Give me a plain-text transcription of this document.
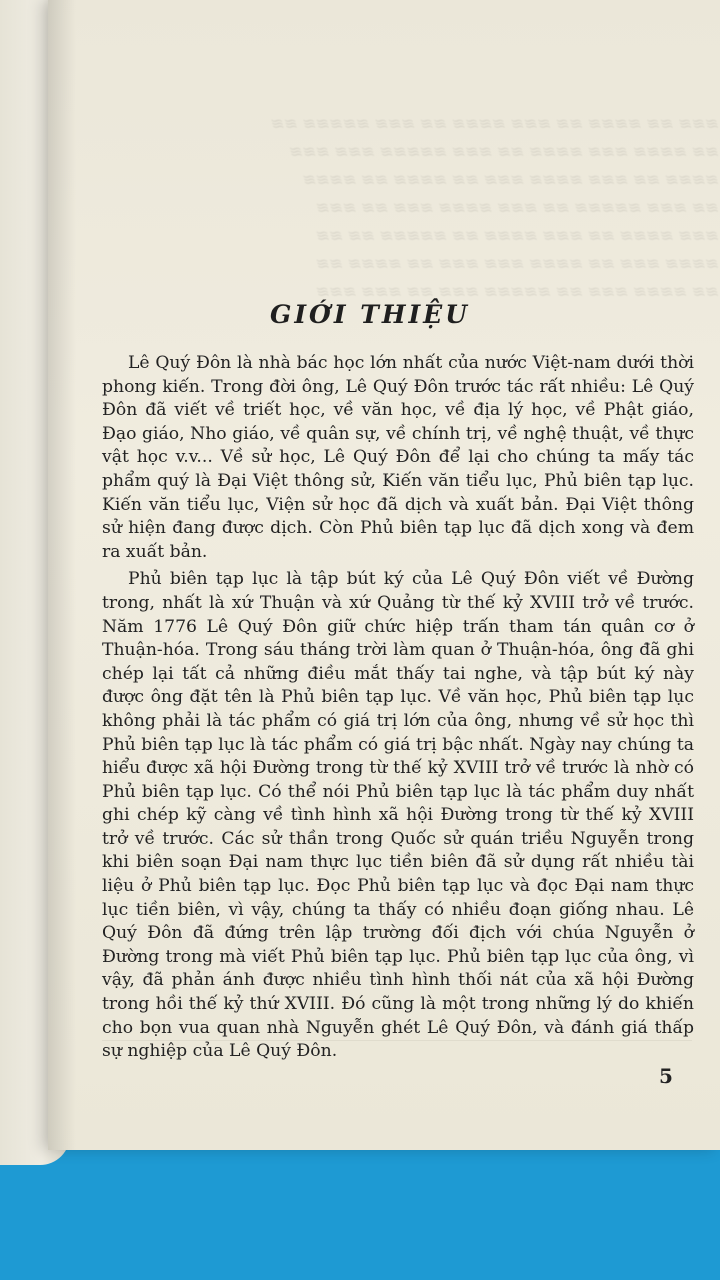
≋≋≋ ≋≋ ≋≋≋≋ ≋≋ ≋≋≋ ≋≋≋≋ ≋≋ ≋≋≋ ≋≋≋≋≋ ≋≋
≋≋ ≋≋≋≋ ≋≋≋ ≋≋≋≋ ≋≋ ≋≋≋ ≋≋≋≋≋ ≋≋≋ ≋≋≋
≋≋≋≋ ≋≋ ≋≋≋ ≋≋≋≋ ≋≋≋ ≋≋ ≋≋≋≋ ≋≋ ≋≋≋≋
≋≋ ≋≋≋ ≋≋≋≋≋ ≋≋ ≋≋≋ ≋≋≋≋ ≋≋≋ ≋≋ ≋≋≋
≋≋≋ ≋≋≋≋ ≋≋ ≋≋≋ ≋≋≋≋ ≋≋ ≋≋≋≋≋ ≋≋ ≋≋
≋≋≋≋ ≋≋≋ ≋≋ ≋≋≋≋ ≋≋≋ ≋≋≋ ≋≋ ≋≋≋≋ ≋≋
≋≋ ≋≋≋≋ ≋≋≋ ≋≋ ≋≋≋≋≋ ≋≋≋ ≋≋ ≋≋≋ ≋≋≋
GIỚI THIỆU

Lê Quý Đôn là nhà bác học lớn nhất của nước Việt-nam dưới thời phong kiến. Trong đời ông, Lê Quý Đôn trước tác rất nhiều: Lê Quý Đôn đã viết về triết học, về văn học, về địa lý học, về Phật giáo, Đạo giáo, Nho giáo, về quân sự, về chính trị, về nghệ thuật, về thực vật học v.v... Về sử học, Lê Quý Đôn để lại cho chúng ta mấy tác phẩm quý là Đại Việt thông sử, Kiến văn tiểu lục, Phủ biên tạp lục. Kiến văn tiểu lục, Viện sử học đã dịch và xuất bản. Đại Việt thông sử hiện đang được dịch. Còn Phủ biên tạp lục đã dịch xong và đem ra xuất bản.

Phủ biên tạp lục là tập bút ký của Lê Quý Đôn viết về Đường trong, nhất là xứ Thuận và xứ Quảng từ thế kỷ XVIII trở về trước. Năm 1776 Lê Quý Đôn giữ chức hiệp trấn tham tán quân cơ ở Thuận-hóa. Trong sáu tháng trời làm quan ở Thuận-hóa, ông đã ghi chép lại tất cả những điều mắt thấy tai nghe, và tập bút ký này được ông đặt tên là Phủ biên tạp lục. Về văn học, Phủ biên tạp lục không phải là tác phẩm có giá trị lớn của ông, nhưng về sử học thì Phủ biên tạp lục là tác phẩm có giá trị bậc nhất. Ngày nay chúng ta hiểu được xã hội Đường trong từ thế kỷ XVIII trở về trước là nhờ có Phủ biên tạp lục. Có thể nói Phủ biên tạp lục là tác phẩm duy nhất ghi chép kỹ càng về tình hình xã hội Đường trong từ thế kỷ XVIII trở về trước. Các sử thần trong Quốc sử quán triều Nguyễn trong khi biên soạn Đại nam thực lục tiền biên đã sử dụng rất nhiều tài liệu ở Phủ biên tạp lục. Đọc Phủ biên tạp lục và đọc Đại nam thực lục tiền biên, vì vậy, chúng ta thấy có nhiều đoạn giống nhau. Lê Quý Đôn đã đứng trên lập trường đối địch với chúa Nguyễn ở Đường trong mà viết Phủ biên tạp lục. Phủ biên tạp lục của ông, vì vậy, đã phản ánh được nhiều tình hình thối nát của xã hội Đường trong hồi thế kỷ thứ XVIII. Đó cũng là một trong những lý do khiến cho bọn vua quan nhà Nguyễn ghét Lê Quý Đôn, và đánh giá thấp sự nghiệp của Lê Quý Đôn.

5
